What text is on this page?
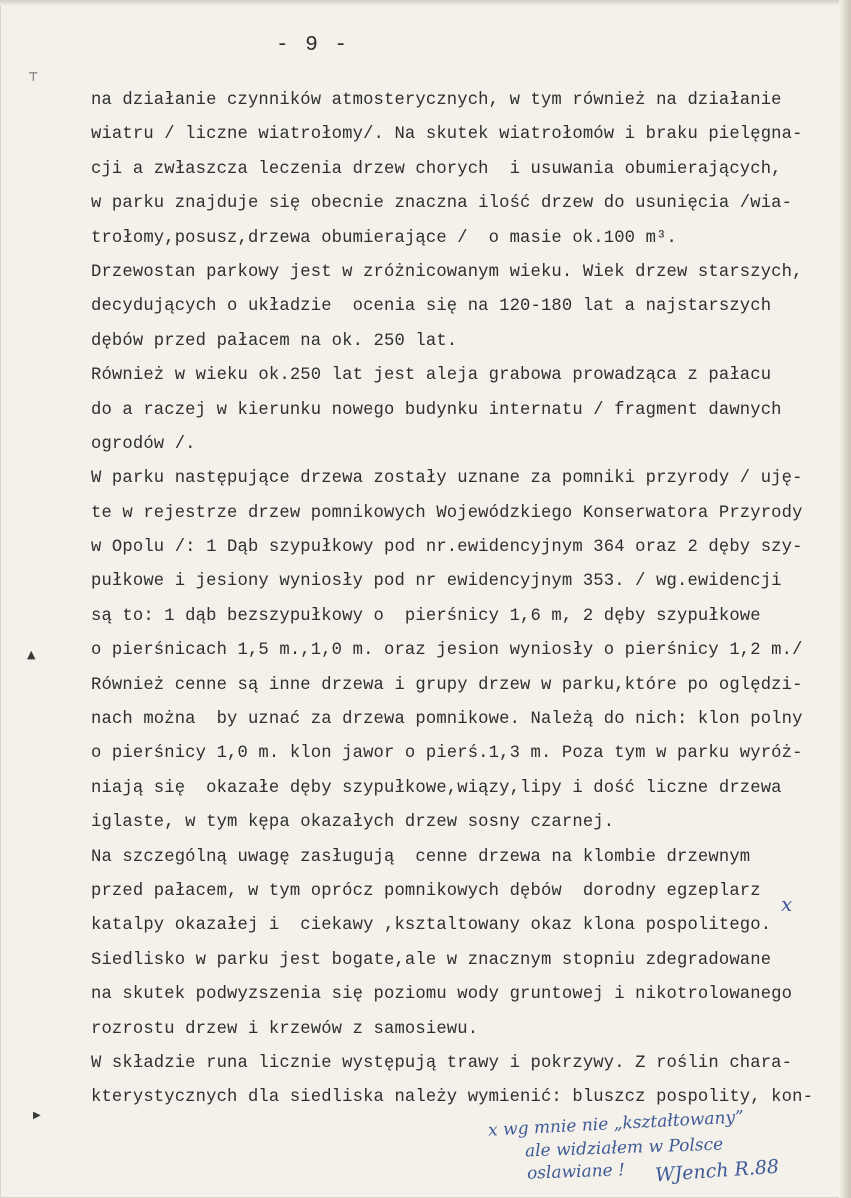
- 9 -
⊤
▲
▶
na działanie czynników atmosterycznych, w tym również na działanie
wiatru / liczne wiatrołomy/. Na skutek wiatrołomów i braku pielęgna-
cji a zwłaszcza leczenia drzew chorych  i usuwania obumierających,
w parku znajduje się obecnie znaczna ilość drzew do usunięcia /wia-
trołomy,posusz,drzewa obumierające /  o masie ok.100 m³.
Drzewostan parkowy jest w zróżnicowanym wieku. Wiek drzew starszych,
decydujących o układzie  ocenia się na 120-180 lat a najstarszych
dębów przed pałacem na ok. 250 lat.
Również w wieku ok.250 lat jest aleja grabowa prowadząca z pałacu
do a raczej w kierunku nowego budynku internatu / fragment dawnych
ogrodów /.
W parku następujące drzewa zostały uznane za pomniki przyrody / uję-
te w rejestrze drzew pomnikowych Wojewódzkiego Konserwatora Przyrody
w Opolu /: 1 Dąb szypułkowy pod nr.ewidencyjnym 364 oraz 2 dęby szy-
pułkowe i jesiony wyniosły pod nr ewidencyjnym 353. / wg.ewidencji
są to: 1 dąb bezszypułkowy o  pierśnicy 1,6 m, 2 dęby szypułkowe
o pierśnicach 1,5 m.,1,0 m. oraz jesion wyniosły o pierśnicy 1,2 m./
Również cenne są inne drzewa i grupy drzew w parku,które po oględzi-
nach można  by uznać za drzewa pomnikowe. Należą do nich: klon polny
o pierśnicy 1,0 m. klon jawor o pierś.1,3 m. Poza tym w parku wyróż-
niają się  okazałe dęby szypułkowe,wiązy,lipy i dość liczne drzewa
iglaste, w tym kępa okazałych drzew sosny czarnej.
Na szczególną uwagę zasługują  cenne drzewa na klombie drzewnym
przed pałacem, w tym oprócz pomnikowych dębów  dorodny egzeplarz
katalpy okazałej i  ciekawy ,ksztaltowany okaz klona pospolitego.
Siedlisko w parku jest bogate,ale w znacznym stopniu zdegradowane
na skutek podwyzszenia się poziomu wody gruntowej i nikotrolowanego
rozrostu drzew i krzewów z samosiewu.
W składzie runa licznie występują trawy i pokrzywy. Z roślin chara-
kterystycznych dla siedliska należy wymienić: bluszcz pospolity, kon-
x
x wg mnie nie „kształtowany”
ale widziałem w Polsce
oslawiane ! WJench R.88
